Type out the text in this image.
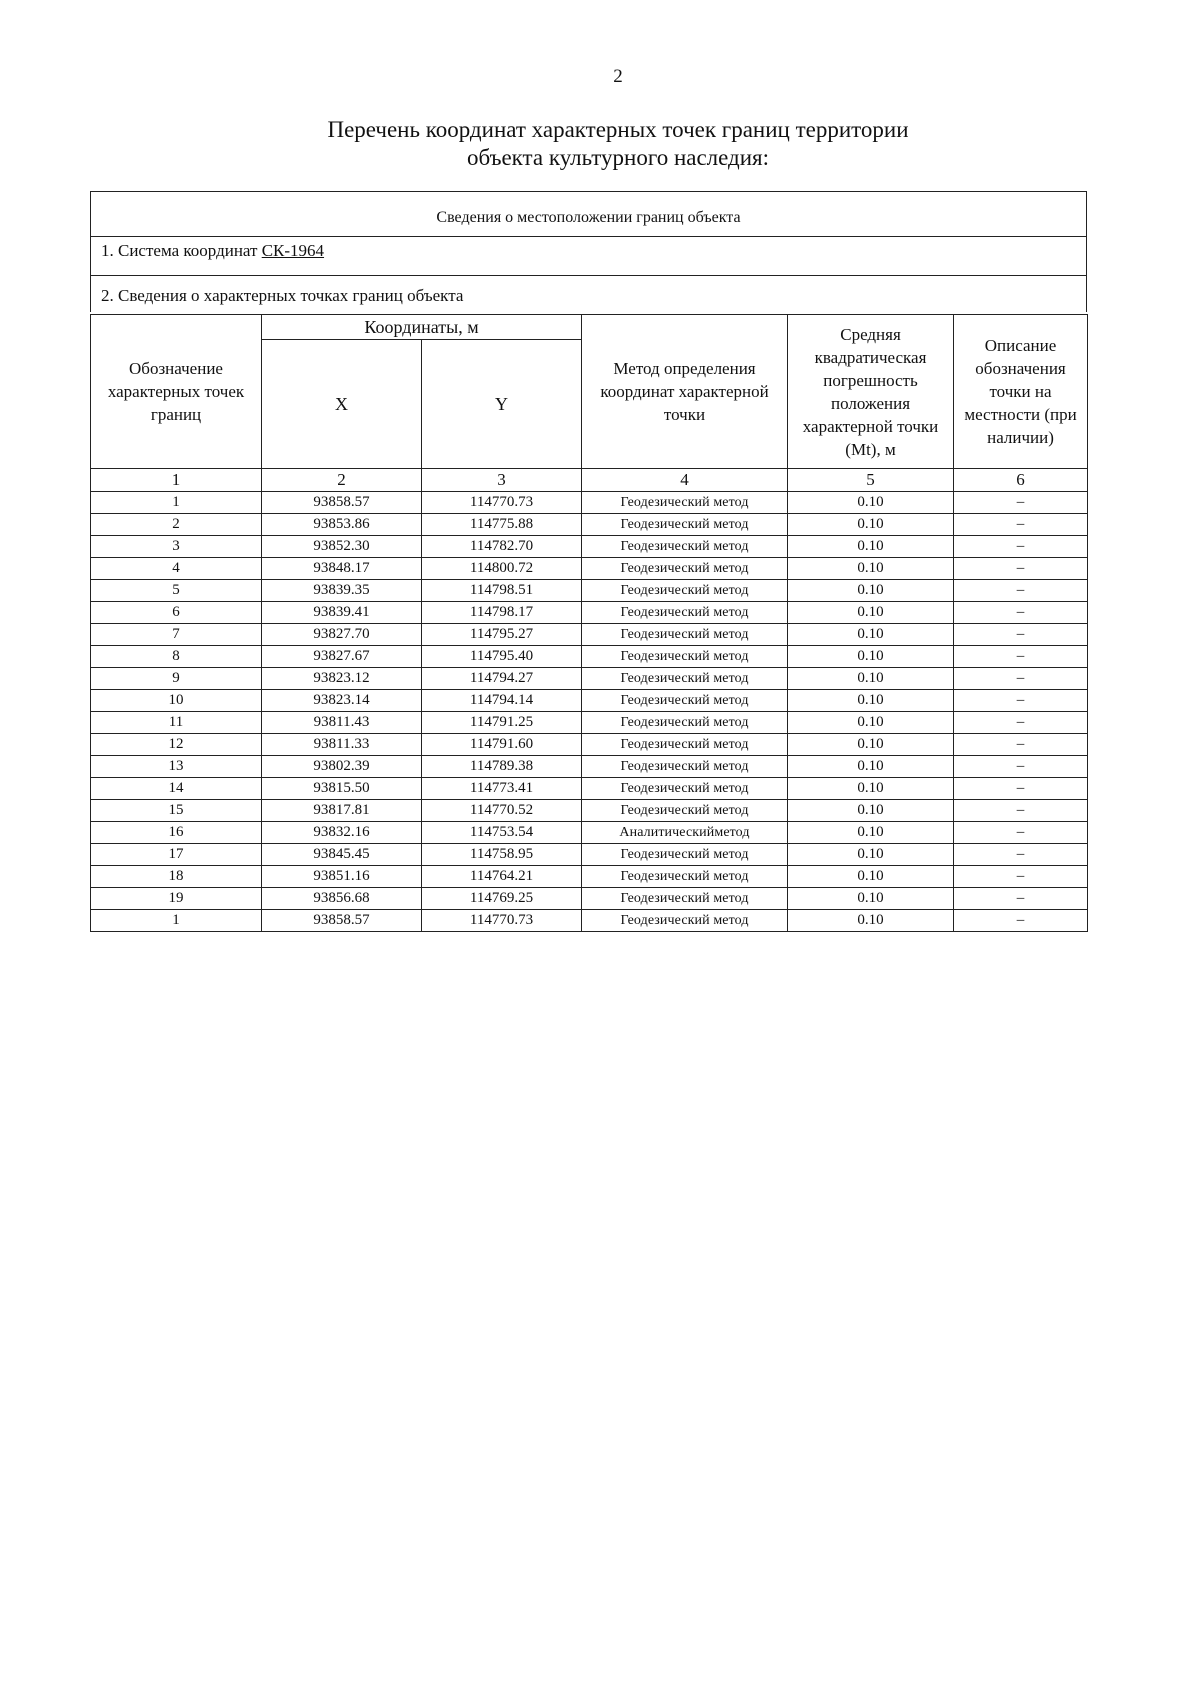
2
Перечень координат характерных точек границ территории
объекта культурного наследия:
Сведения о местоположении границ объекта
1. Система координат СК-1964
2. Сведения о характерных точках границ объекта
Обозначение характерных точек границ	Координаты, м		Метод определения координат характерной точки	Средняя квадратическая погрешность положения характерной точки (Mt), м	Описание обозначения точки на местности (при наличии)
	X	Y			
1	2	3	4	5	6
1	93858.57	114770.73	Геодезический метод	0.10	–
2	93853.86	114775.88	Геодезический метод	0.10	–
3	93852.30	114782.70	Геодезический метод	0.10	–
4	93848.17	114800.72	Геодезический метод	0.10	–
5	93839.35	114798.51	Геодезический метод	0.10	–
6	93839.41	114798.17	Геодезический метод	0.10	–
7	93827.70	114795.27	Геодезический метод	0.10	–
8	93827.67	114795.40	Геодезический метод	0.10	–
9	93823.12	114794.27	Геодезический метод	0.10	–
10	93823.14	114794.14	Геодезический метод	0.10	–
11	93811.43	114791.25	Геодезический метод	0.10	–
12	93811.33	114791.60	Геодезический метод	0.10	–
13	93802.39	114789.38	Геодезический метод	0.10	–
14	93815.50	114773.41	Геодезический метод	0.10	–
15	93817.81	114770.52	Геодезический метод	0.10	–
16	93832.16	114753.54	Аналитическийметод	0.10	–
17	93845.45	114758.95	Геодезический метод	0.10	–
18	93851.16	114764.21	Геодезический метод	0.10	–
19	93856.68	114769.25	Геодезический метод	0.10	–
1	93858.57	114770.73	Геодезический метод	0.10	–
